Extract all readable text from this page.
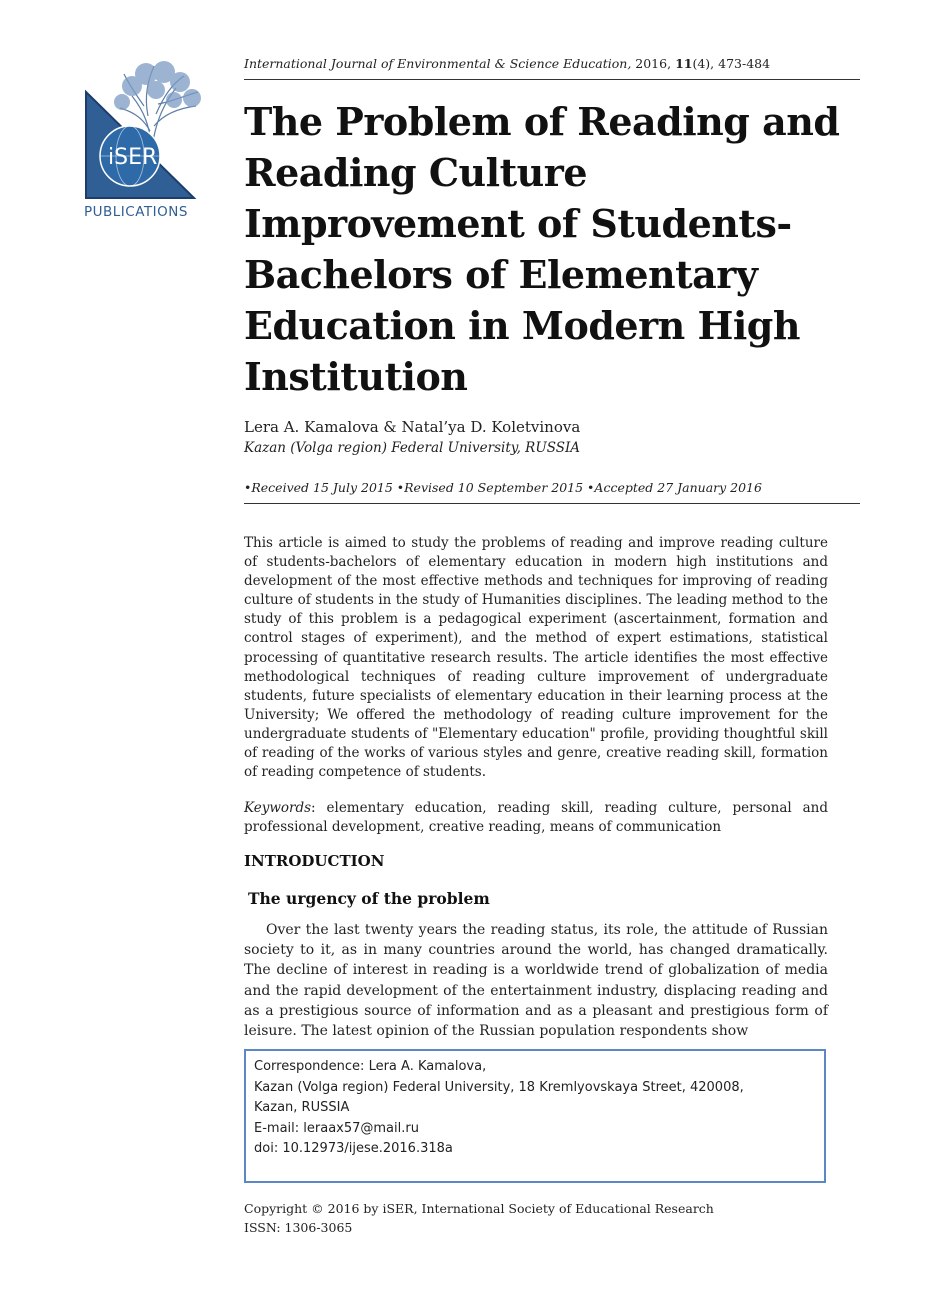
iSER
PUBLICATIONS
International Journal of Environmental & Science Education, 2016, 11(4), 473-484
The Problem of Reading and Reading Culture Improvement of Students-Bachelors of Elementary Education in Modern High Institution
Lera A. Kamalova & Natal’ya D. Koletvinova
Kazan (Volga region) Federal University, RUSSIA
•Received 15 July 2015 •Revised 10 September 2015 •Accepted 27 January 2016
This article is aimed to study the problems of reading and improve reading culture of students-bachelors of elementary education in modern high institutions and development of the most effective methods and techniques for improving of reading culture of students in the study of Humanities disciplines. The leading method to the study of this problem is a pedagogical experiment (ascertainment, formation and control stages of experiment), and the method of expert estimations, statistical processing of quantitative research results. The article identifies the most effective methodological techniques of reading culture improvement of undergraduate students, future specialists of elementary education in their learning process at the University; We offered the methodology of reading culture improvement for the undergraduate students of "Elementary education" profile, providing thoughtful skill of reading of the works of various styles and genre, creative reading skill, formation of reading competence of students.
Keywords: elementary education, reading skill, reading culture, personal and professional development, creative reading, means of communication
INTRODUCTION
The urgency of the problem
Over the last twenty years the reading status, its role, the attitude of Russian society to it, as in many countries around the world, has changed dramatically. The decline of interest in reading is a worldwide trend of globalization of media and the rapid development of the entertainment industry, displacing reading and as a prestigious source of information and as a pleasant and prestigious form of leisure. The latest opinion of the Russian population respondents show
Correspondence: Lera A. Kamalova,
Kazan (Volga region) Federal University, 18 Kremlyovskaya Street, 420008,
Kazan, RUSSIA
E-mail: leraax57@mail.ru
doi: 10.12973/ijese.2016.318a
Copyright © 2016 by iSER, International Society of Educational Research
ISSN: 1306-3065
